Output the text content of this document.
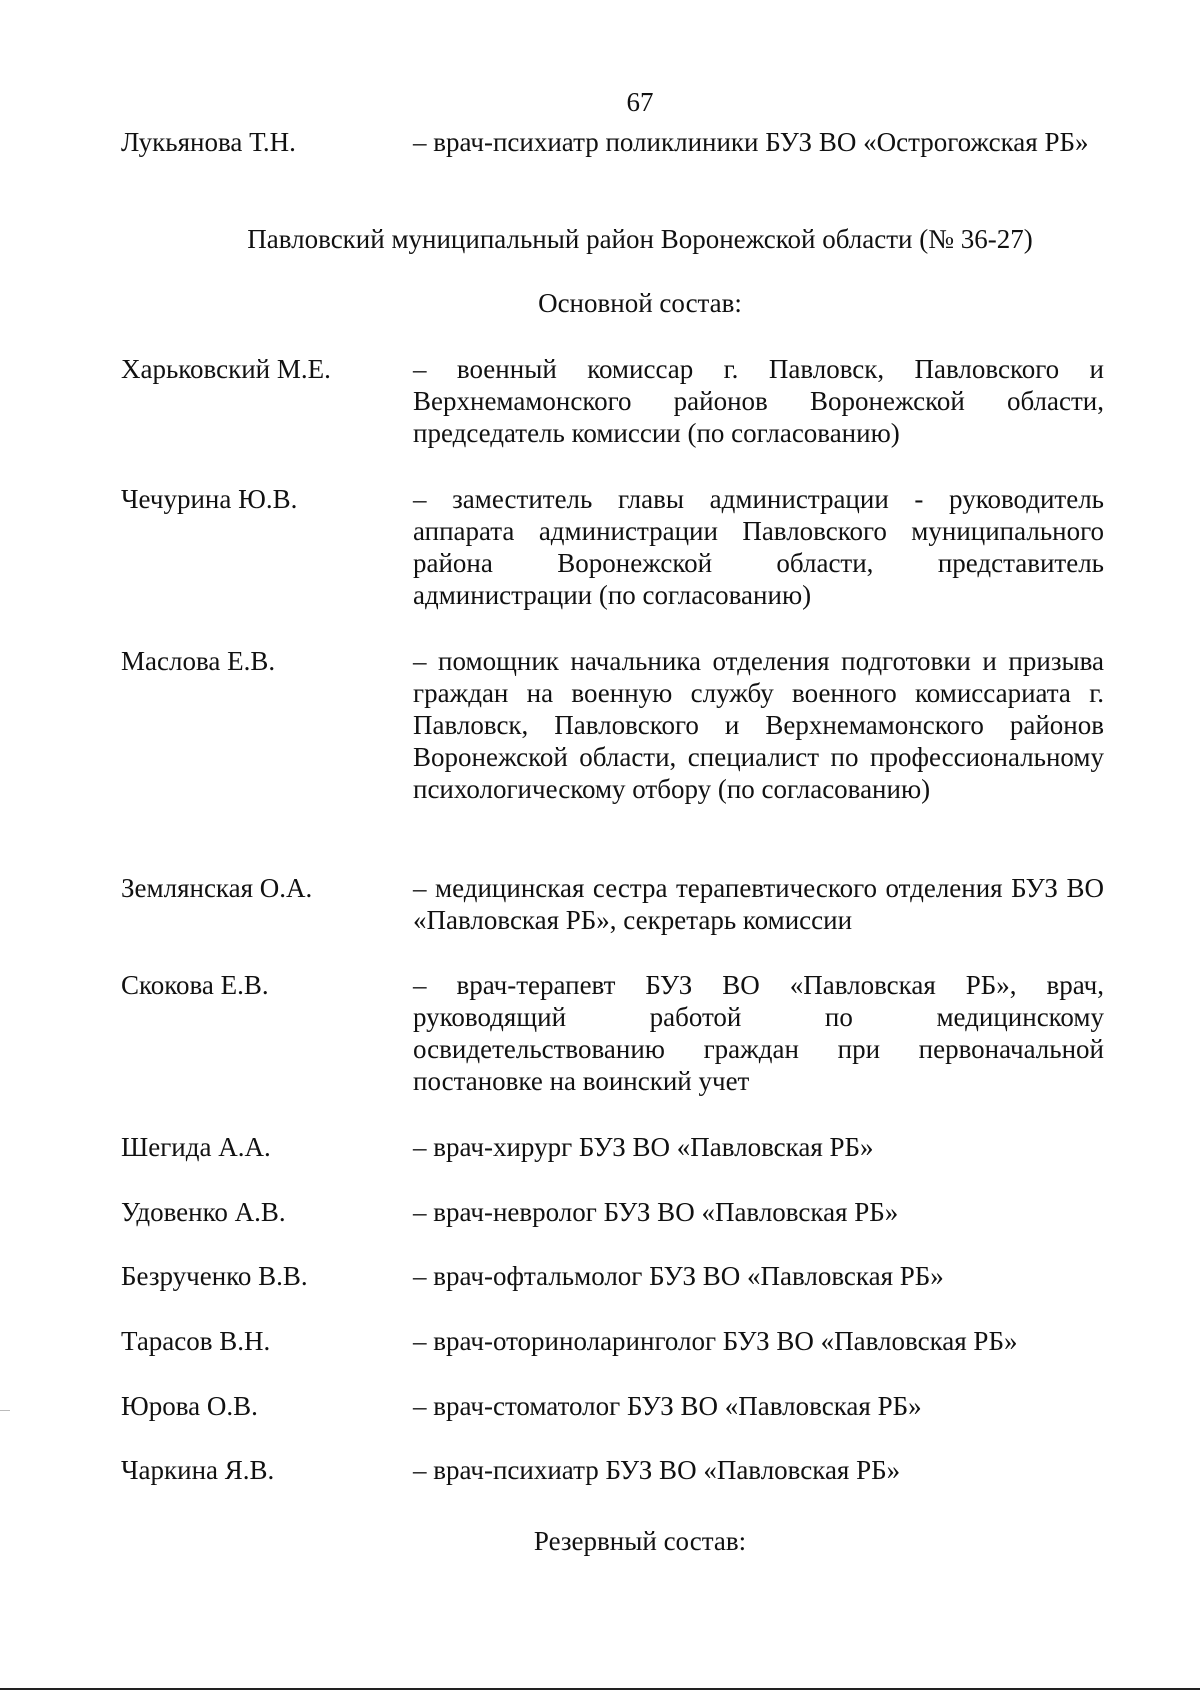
67
Лукьянова Т.Н.	– врач-психиатр поликлиники БУЗ ВО «Острогожская РБ»
Павловский муниципальный район Воронежской области (№ 36-27)
Основной состав:
Харьковский М.Е.	– военный комиссар г. Павловск, Павловского и Верхнемамонского районов Воронежской области, председатель комиссии (по согласованию)
Чечурина Ю.В.	– заместитель главы администрации - руководитель аппарата администрации Павловского муниципального района Воронежской области, представитель администрации (по согласованию)
Маслова Е.В.	– помощник начальника отделения подготовки и призыва граждан на военную службу военного комиссариата г. Павловск, Павловского и Верхнемамонского районов Воронежской области, специалист по профессиональному психологическому отбору (по согласованию)
Землянская О.А.	– медицинская сестра терапевтического отделения БУЗ ВО «Павловская РБ», секретарь комиссии
Скокова Е.В.	– врач-терапевт БУЗ ВО «Павловская РБ», врач, руководящий работой по медицинскому освидетельствованию граждан при первоначальной постановке на воинский учет
Шегида А.А.	– врач-хирург БУЗ ВО «Павловская РБ»
Удовенко А.В.	– врач-невролог БУЗ ВО «Павловская РБ»
Безрученко В.В.	– врач-офтальмолог БУЗ ВО «Павловская РБ»
Тарасов В.Н.	– врач-оториноларинголог БУЗ ВО «Павловская РБ»
Юрова О.В.	– врач-стоматолог БУЗ ВО «Павловская РБ»
Чаркина Я.В.	– врач-психиатр БУЗ ВО «Павловская РБ»
Резервный состав:
